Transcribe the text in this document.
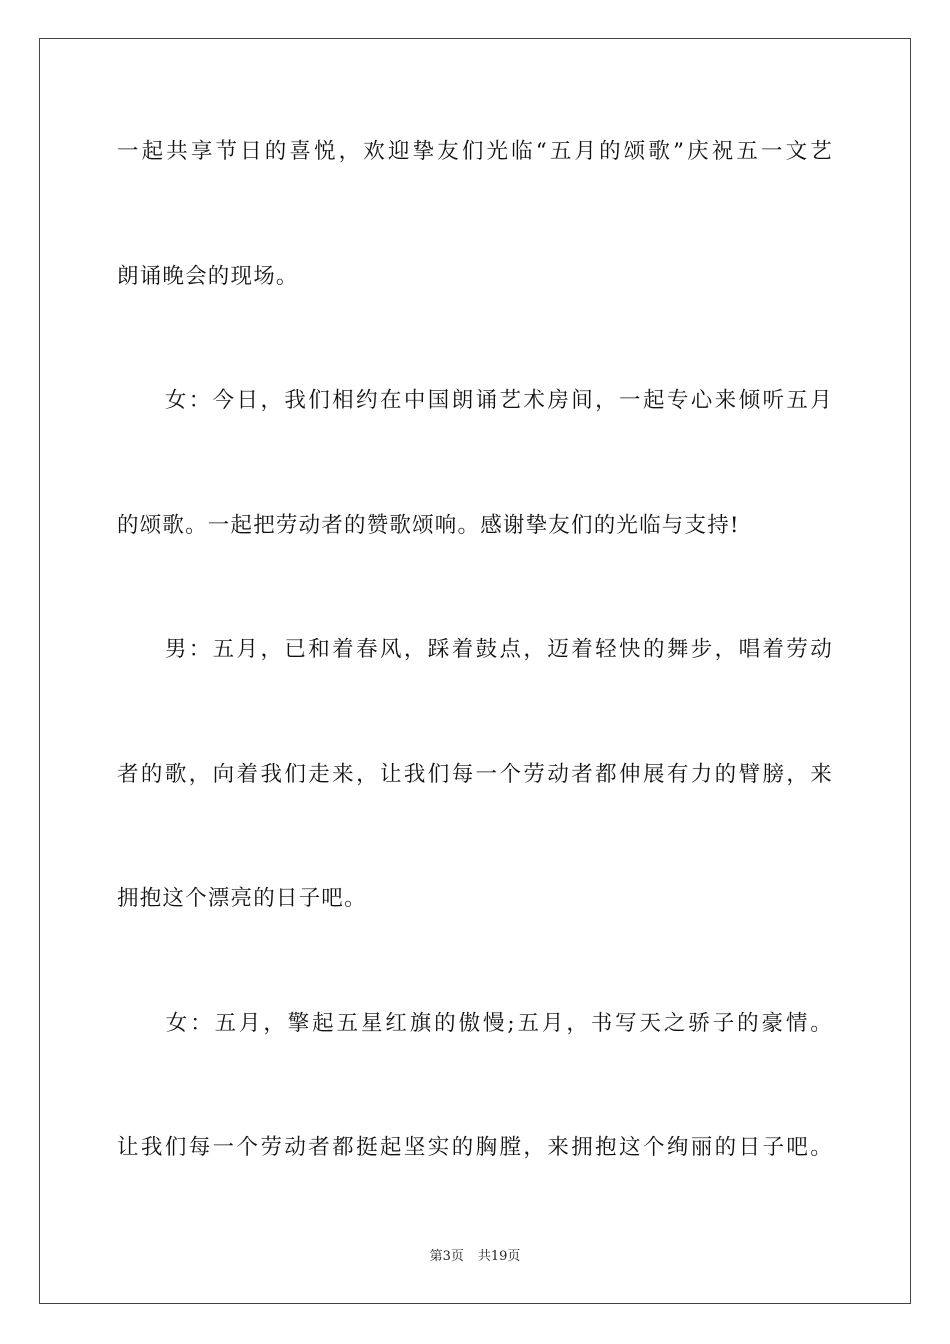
一起共享节日的喜悦，欢迎挚友们光临“五月的颂歌”庆祝五一文艺
朗诵晚会的现场。
　　女：今日，我们相约在中国朗诵艺术房间，一起专心来倾听五月
的颂歌。一起把劳动者的赞歌颂响。感谢挚友们的光临与支持!
　　男：五月，已和着春风，踩着鼓点，迈着轻快的舞步，唱着劳动
者的歌，向着我们走来，让我们每一个劳动者都伸展有力的臂膀，来
拥抱这个漂亮的日子吧。
　　女：五月，擎起五星红旗的傲慢;五月，书写天之骄子的豪情。
让我们每一个劳动者都挺起坚实的胸膛，来拥抱这个绚丽的日子吧。
第3页 共19页
